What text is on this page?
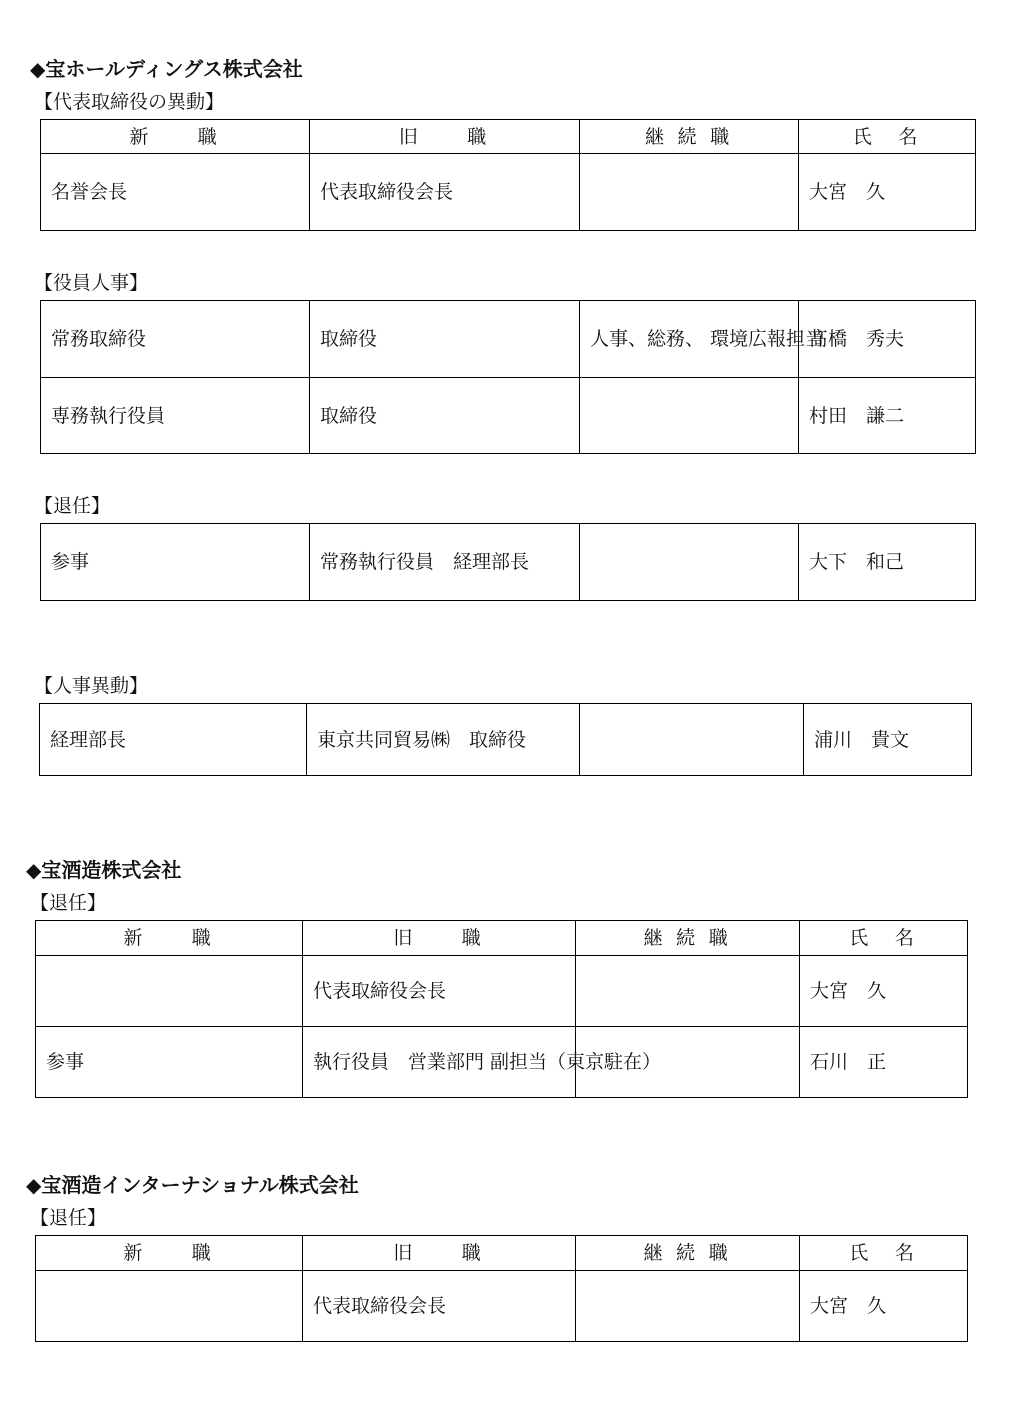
◆宝ホールディングス株式会社
【代表取締役の異動】
新　　職	旧　　職	継 続 職	氏　名
名誉会長	代表取締役会長		大宮　久
【役員人事】
常務取締役	取締役	人事、総務、 環境広報担当	髙橋　秀夫
専務執行役員	取締役		村田　謙二
【退任】
参事	常務執行役員　経理部長		大下　和己
【人事異動】
経理部長	東京共同貿易㈱　取締役		浦川　貴文
◆宝酒造株式会社
【退任】
新　　職	旧　　職	継 続 職	氏　名
	代表取締役会長		大宮　久
参事	執行役員　営業部門 副担当（東京駐在）		石川　正
◆宝酒造インターナショナル株式会社
【退任】
新　　職	旧　　職	継 続 職	氏　名
	代表取締役会長		大宮　久
